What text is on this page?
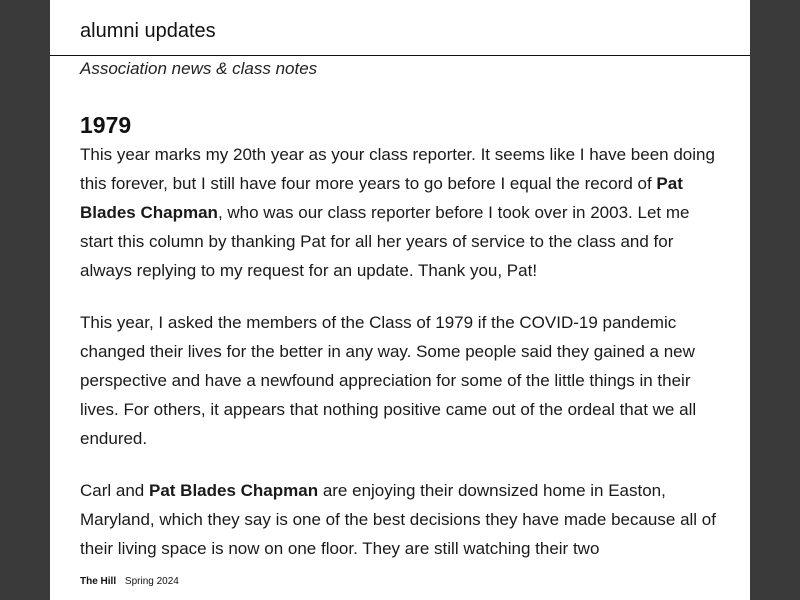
alumni updates

Association news & class notes

1979

This year marks my 20th year as your class reporter. It seems like I have been doing this forever, but I still have four more years to go before I equal the record of Pat Blades Chapman, who was our class reporter before I took over in 2003. Let me start this column by thanking Pat for all her years of service to the class and for always replying to my request for an update. Thank you, Pat!

This year, I asked the members of the Class of 1979 if the COVID-19 pandemic changed their lives for the better in any way. Some people said they gained a new perspective and have a newfound appreciation for some of the little things in their lives. For others, it appears that nothing positive came out of the ordeal that we all endured.

Carl and Pat Blades Chapman are enjoying their downsized home in Easton, Maryland, which they say is one of the best decisions they have made because all of their living space is now on one floor. They are still watching their two

The Hill Spring 2024
